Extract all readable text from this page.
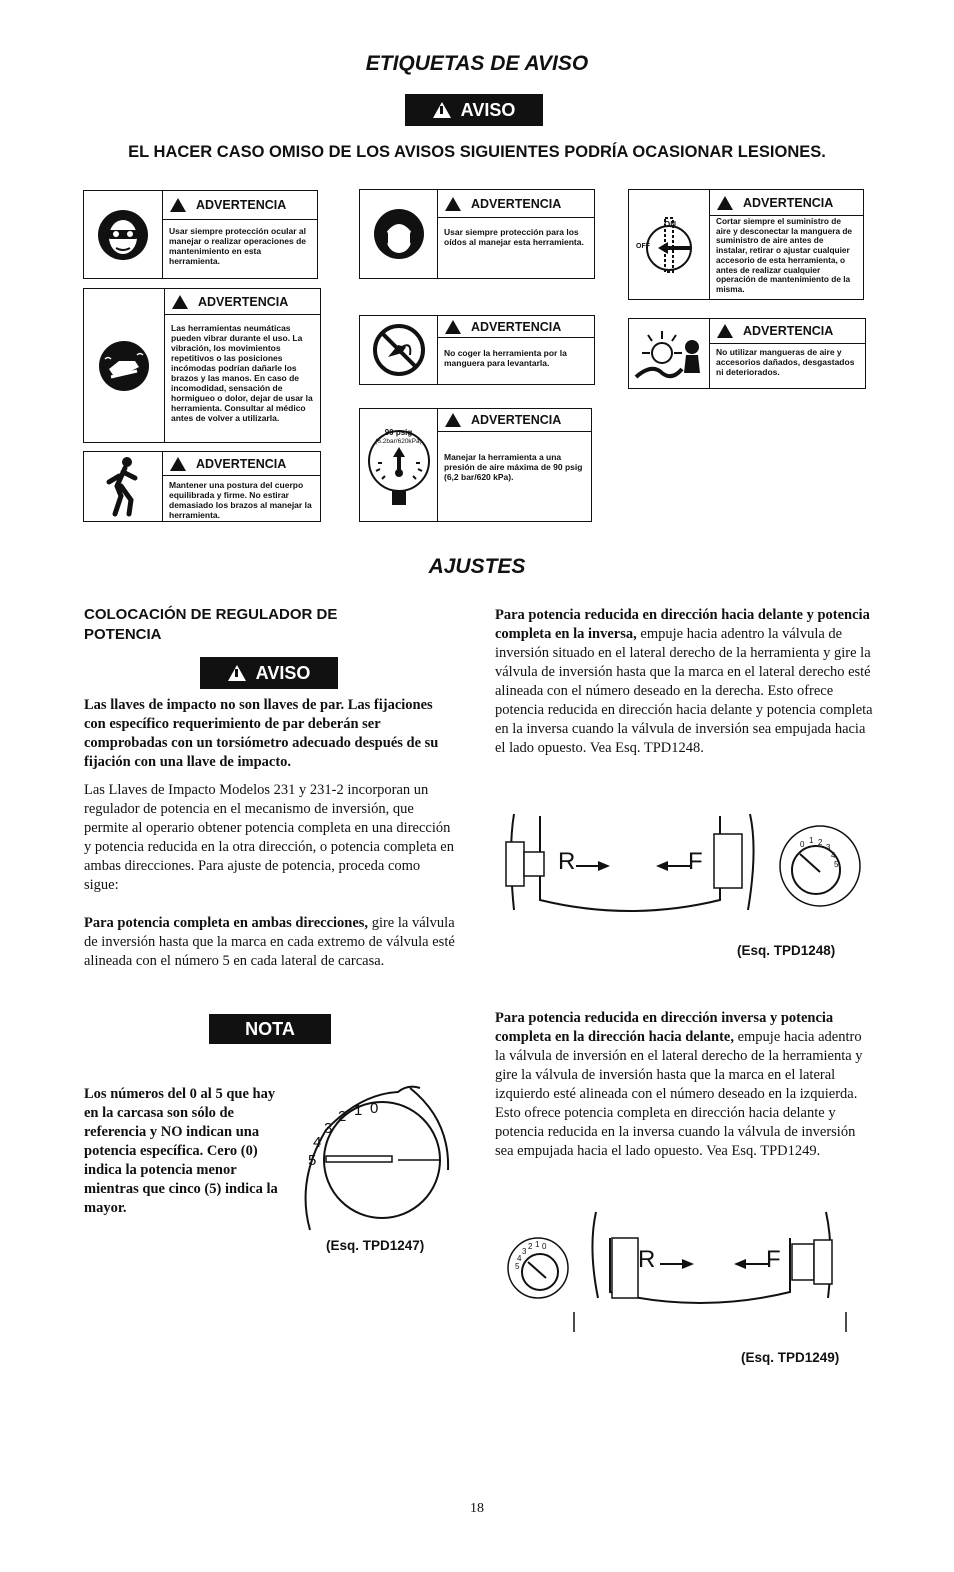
ETIQUETAS DE AVISO
AVISO
EL HACER CASO OMISO DE LOS AVISOS SIGUIENTES PODRÍA OCASIONAR LESIONES.
ADVERTENCIA
Usar siempre protección ocular al manejar o realizar operaciones de mantenimiento en esta herramienta.
ADVERTENCIA
Las herramientas neumáticas pueden vibrar durante el uso. La vibración, los movimientos repetitivos o las posiciones incómodas podrían dañarle los brazos y las manos. En caso de incomodidad, sensación de hormigueo o dolor, dejar de usar la herramienta. Consultar al médico antes de volver a utilizarla.
ADVERTENCIA
Mantener una postura del cuerpo equilibrada y firme. No estirar demasiado los brazos al manejar la herramienta.
ADVERTENCIA
Usar siempre protección para los oídos al manejar esta herramienta.
ADVERTENCIA
No coger la herramienta por la manguera para levantarla.
90 psig
(6.2bar/620kPa)
ADVERTENCIA
Manejar la herramienta a una presión de aire máxima de 90 psig (6,2 bar/620 kPa).
ON
OFF
ADVERTENCIA
Cortar siempre el suministro de aire y desconectar la manguera de suministro de aire antes de instalar, retirar o ajustar cualquier accesorio de esta herramienta, o antes de realizar cualquier operación de mantenimiento de la misma.
ADVERTENCIA
No utilizar mangueras de aire y accesorios dañados, desgastados ni deteriorados.
AJUSTES
COLOCACIÓN DE REGULADOR DE POTENCIA
AVISO
Las llaves de impacto no son llaves de par. Las fijaciones con específico requerimiento de par deberán ser comprobadas con un torsiómetro adecuado después de su fijación con una llave de impacto.
Las Llaves de Impacto Modelos 231 y 231-2 incorporan un regulador de potencia en el mecanismo de inversión, que permite al operario obtener potencia completa en una dirección y potencia reducida en la otra dirección, o potencia completa en ambas direcciones. Para ajuste de potencia, proceda como sigue:
Para potencia completa en ambas direcciones, gire la válvula de inversión hasta que la marca en cada extremo de válvula esté alineada con el número 5 en cada lateral de carcasa.
NOTA
Los números del 0 al 5 que hay en la carcasa son sólo de referencia y NO indican una potencia específica. Cero (0) indica la potencia menor mientras que cinco (5) indica la mayor.
0
1
2
3
4
5
(Esq. TPD1247)
Para potencia reducida en dirección hacia delante y potencia completa en la inversa, empuje hacia adentro la válvula de inversión situado en el lateral derecho de la herramienta y gire la válvula de inversión hasta que la marca en el lateral derecho esté alineada con el número deseado en la derecha. Esto ofrece potencia reducida en dirección hacia delante y potencia completa en la inversa cuando la válvula de inversión sea empujada hacia el lado opuesto. Vea Esq. TPD1248.
R	F
0 1 2
3
4
5
(Esq. TPD1248)
Para potencia reducida en dirección inversa y potencia completa en la dirección hacia delante, empuje hacia adentro la válvula de inversión en el lateral derecho de la herramienta y gire la válvula de inversión hasta que la marca en el lateral izquierdo esté alineada con el número deseado en la izquierda. Esto ofrece potencia completa en dirección hacia delante y potencia reducida en la inversa cuando la válvula de inversión sea empujada hacia el lado opuesto. Vea Esq. TPD1249.
R	F
0
1
2
3
4
5
(Esq. TPD1249)
18
